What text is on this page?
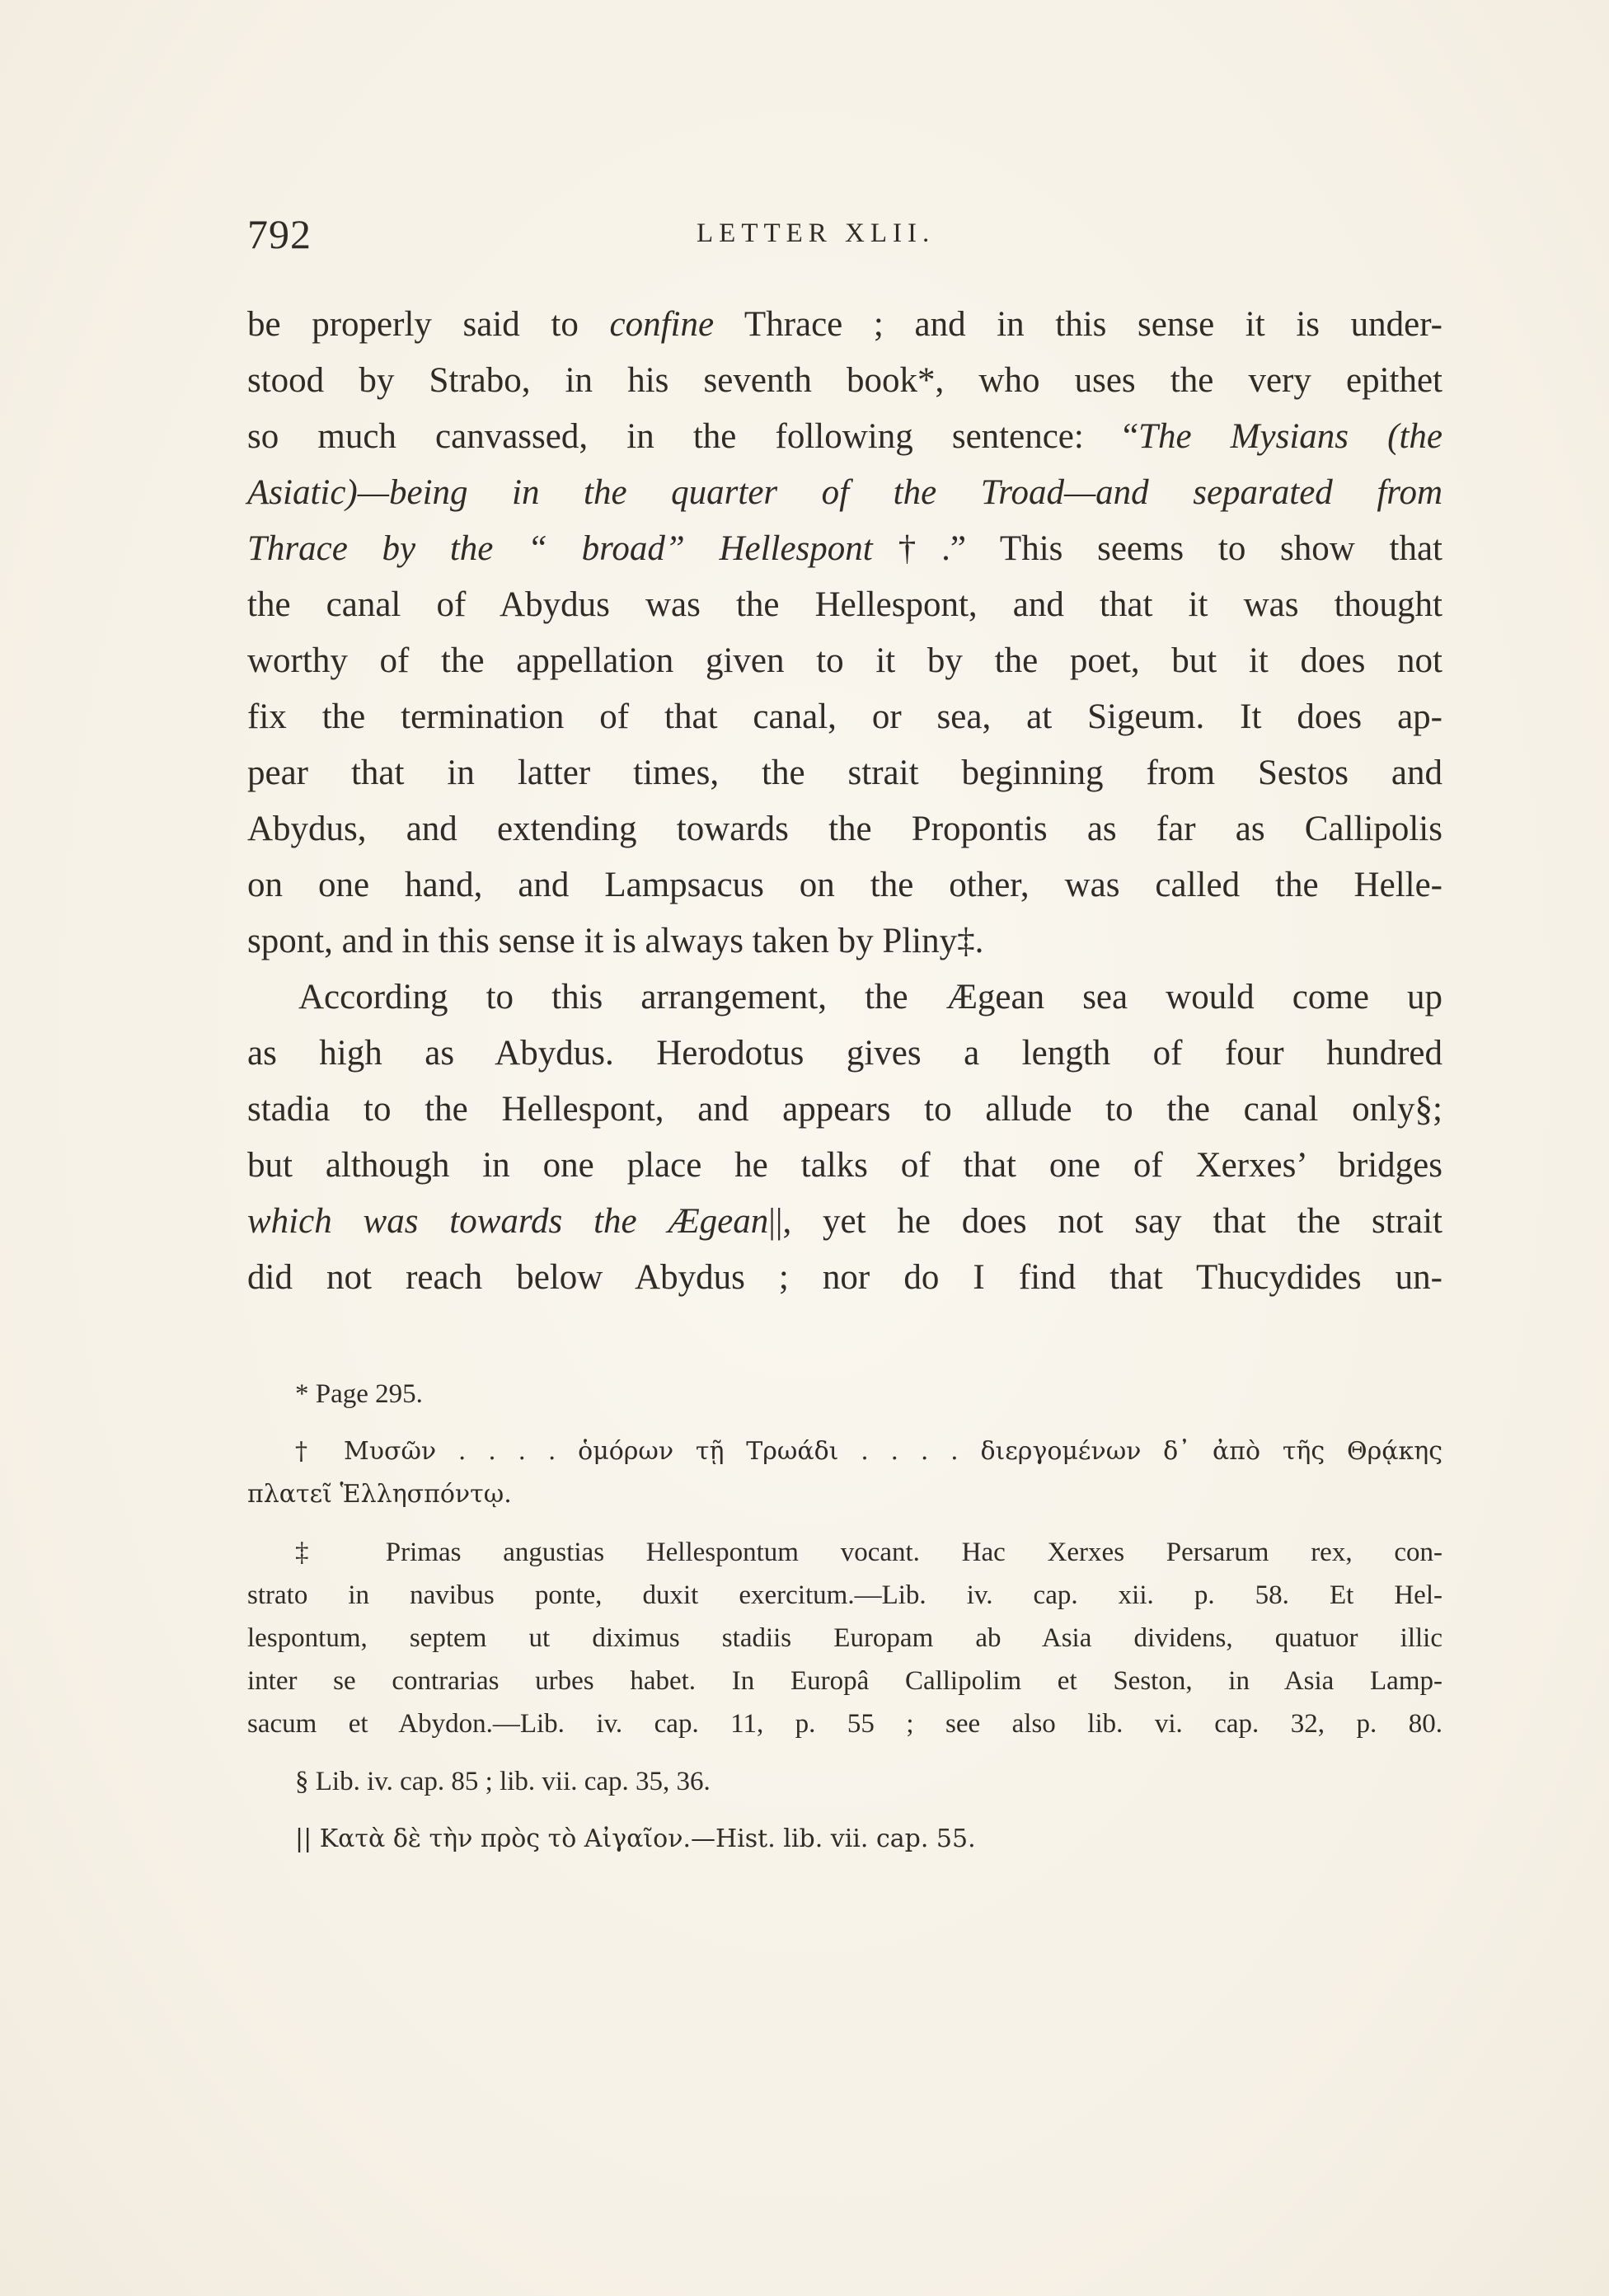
792	LETTER XLII.
be properly said to confine Thrace ; and in this sense it is under-
stood by Strabo, in his seventh book*, who uses the very epithet
so much canvassed, in the following sentence: “The Mysians (the
Asiatic)—being in the quarter of the Troad—and separated from
Thrace by the “ broad” Hellespont†.” This seems to show that
the canal of Abydus was the Hellespont, and that it was thought
worthy of the appellation given to it by the poet, but it does not
fix the termination of that canal, or sea, at Sigeum. It does ap-
pear that in latter times, the strait beginning from Sestos and
Abydus, and extending towards the Propontis as far as Callipolis
on one hand, and Lampsacus on the other, was called the Helle-
spont, and in this sense it is always taken by Pliny‡.
According to this arrangement, the Ægean sea would come up
as high as Abydus. Herodotus gives a length of four hundred
stadia to the Hellespont, and appears to allude to the canal only§;
but although in one place he talks of that one of Xerxes’ bridges
which was towards the Ægean||, yet he does not say that the strait
did not reach below Abydus ; nor do I find that Thucydides un-
* Page 295.
† Μυσῶν . . . . ὁμόρων τῇ Τρωάδι . . . . διεργομένων δ᾽ ἀπὸ τῆς Θρᾴκης
πλατεῖ Ἑλλησπόντῳ.
‡ Primas angustias Hellespontum vocant. Hac Xerxes Persarum rex, con-
strato in navibus ponte, duxit exercitum.—Lib. iv. cap. xii. p. 58. Et Hel-
lespontum, septem ut diximus stadiis Europam ab Asia dividens, quatuor illic
inter se contrarias urbes habet. In Europâ Callipolim et Seston, in Asia Lamp-
sacum et Abydon.—Lib. iv. cap. 11, p. 55 ; see also lib. vi. cap. 32, p. 80.
§ Lib. iv. cap. 85 ; lib. vii. cap. 35, 36.
|| Κατὰ δὲ τὴν πρὸς τὸ Αἰγαῖον.—Hist. lib. vii. cap. 55.
